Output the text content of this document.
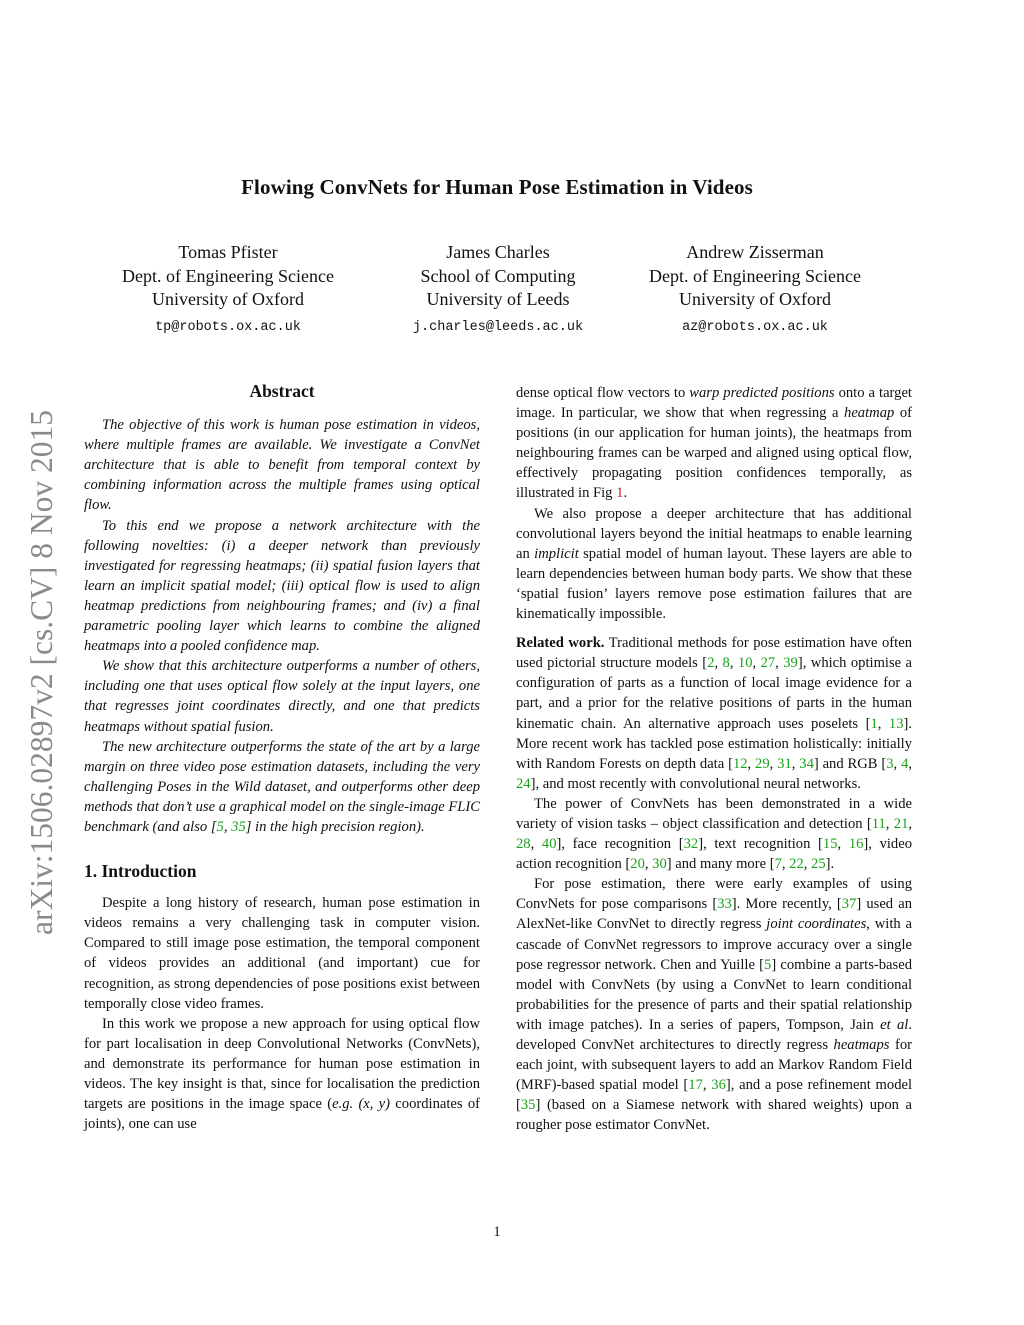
arXiv:1506.02897v2 [cs.CV] 8 Nov 2015
Flowing ConvNets for Human Pose Estimation in Videos
Tomas Pfister
Dept. of Engineering Science
University of Oxford
tp@robots.ox.ac.uk
James Charles
School of Computing
University of Leeds
j.charles@leeds.ac.uk
Andrew Zisserman
Dept. of Engineering Science
University of Oxford
az@robots.ox.ac.uk
Abstract

The objective of this work is human pose estimation in videos, where multiple frames are available. We investigate a ConvNet architecture that is able to benefit from temporal context by combining information across the multiple frames using optical flow.

To this end we propose a network architecture with the following novelties: (i) a deeper network than previously investigated for regressing heatmaps; (ii) spatial fusion layers that learn an implicit spatial model; (iii) optical flow is used to align heatmap predictions from neighbouring frames; and (iv) a final parametric pooling layer which learns to combine the aligned heatmaps into a pooled confidence map.

We show that this architecture outperforms a number of others, including one that uses optical flow solely at the input layers, one that regresses joint coordinates directly, and one that predicts heatmaps without spatial fusion.

The new architecture outperforms the state of the art by a large margin on three video pose estimation datasets, including the very challenging Poses in the Wild dataset, and outperforms other deep methods that don’t use a graphical model on the single-image FLIC benchmark (and also [5, 35] in the high precision region).

1. Introduction

Despite a long history of research, human pose estimation in videos remains a very challenging task in computer vision. Compared to still image pose estimation, the temporal component of videos provides an additional (and important) cue for recognition, as strong dependencies of pose positions exist between temporally close video frames.

In this work we propose a new approach for using optical flow for part localisation in deep Convolutional Networks (ConvNets), and demonstrate its performance for human pose estimation in videos. The key insight is that, since for localisation the prediction targets are positions in the image space (e.g. (x, y) coordinates of joints), one can use

dense optical flow vectors to warp predicted positions onto a target image. In particular, we show that when regressing a heatmap of positions (in our application for human joints), the heatmaps from neighbouring frames can be warped and aligned using optical flow, effectively propagating position confidences temporally, as illustrated in Fig 1.

We also propose a deeper architecture that has additional convolutional layers beyond the initial heatmaps to enable learning an implicit spatial model of human layout. These layers are able to learn dependencies between human body parts. We show that these ‘spatial fusion’ layers remove pose estimation failures that are kinematically impossible.

Related work. Traditional methods for pose estimation have often used pictorial structure models [2, 8, 10, 27, 39], which optimise a configuration of parts as a function of local image evidence for a part, and a prior for the relative positions of parts in the human kinematic chain. An alternative approach uses poselets [1, 13]. More recent work has tackled pose estimation holistically: initially with Random Forests on depth data [12, 29, 31, 34] and RGB [3, 4, 24], and most recently with convolutional neural networks.

The power of ConvNets has been demonstrated in a wide variety of vision tasks – object classification and detection [11, 21, 28, 40], face recognition [32], text recognition [15, 16], video action recognition [20, 30] and many more [7, 22, 25].

For pose estimation, there were early examples of using ConvNets for pose comparisons [33]. More recently, [37] used an AlexNet-like ConvNet to directly regress joint coordinates, with a cascade of ConvNet regressors to improve accuracy over a single pose regressor network. Chen and Yuille [5] combine a parts-based model with ConvNets (by using a ConvNet to learn conditional probabilities for the presence of parts and their spatial relationship with image patches). In a series of papers, Tompson, Jain et al. developed ConvNet architectures to directly regress heatmaps for each joint, with subsequent layers to add an Markov Random Field (MRF)-based spatial model [17, 36], and a pose refinement model [35] (based on a Siamese network with shared weights) upon a rougher pose estimator ConvNet.

1
